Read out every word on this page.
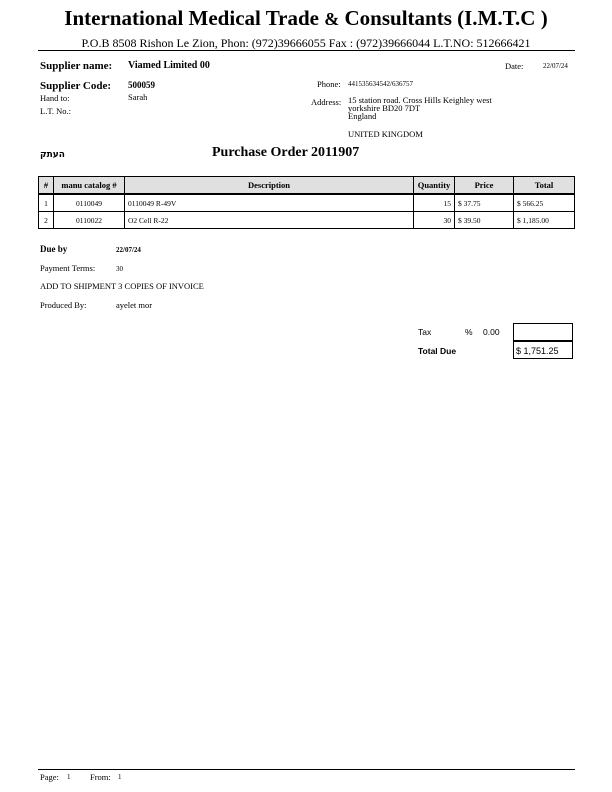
International Medical Trade & Consultants (I.M.T.C )
P.O.B 8508 Rishon Le Zion, Phon: (972)39666055 Fax : (972)39666044 L.T.NO: 512666421
Supplier name: Viamed Limited 00
Supplier Code: 500059
Hand to:	Sarah
L.T. No.:
Date:	22/07/24
Phone: 441535634542/636757
Address: 15 station road. Cross Hills Keighley west
yorkshire BD20 7DT
England
UNITED KINGDOM
העתק	Purchase Order 2011907
#	manu catalog #	Description	Quantity	Price	Total
1	0110049	0110049 R-49V	15	$ 37.75	$ 566.25
2	0110022	O2 Cell R-22	30	$ 39.50	$ 1,185.00
Due by	22/07/24
Payment Terms:	30
ADD TO SHIPMENT 3 COPIES OF INVOICE
Produced By:	ayelet mor
Tax	% 0.00
Total Due	$ 1,751.25
Page: 1 From: 1
